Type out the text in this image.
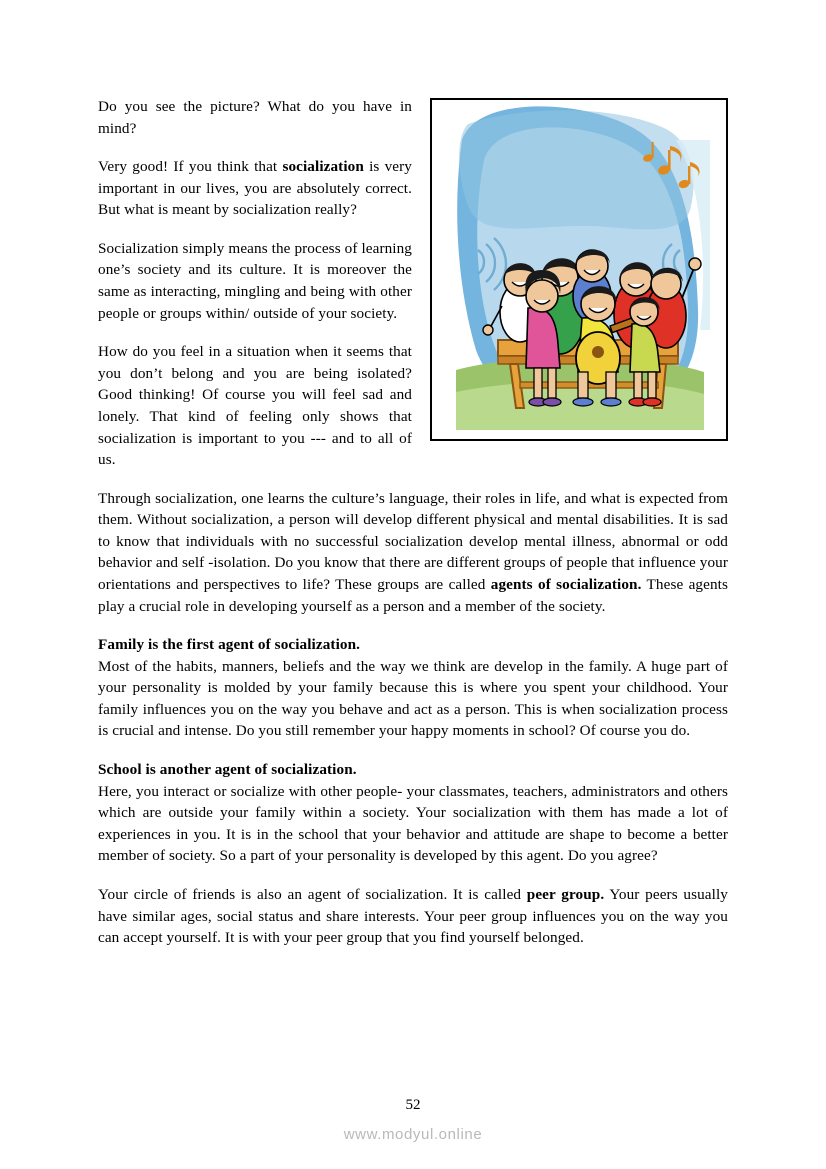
Do you see the picture? What do you have in mind?

Very good! If you think that socialization is very important in our lives, you are absolutely correct. But what is meant by socialization really?

Socialization simply means the process of learning one’s society and its culture. It is moreover the same as interacting, mingling and being with other people or groups within/ outside of your society.

How do you feel in a situation when it seems that you don’t belong and you are being isolated? Good thinking! Of course you will feel sad and lonely. That kind of feeling only shows that socialization is important to you --- and to all of us.

Through socialization, one learns the culture’s language, their roles in life, and what is expected from them. Without socialization, a person will develop different physical and mental disabilities. It is sad to know that individuals with no successful socialization develop mental illness, abnormal or odd behavior and self -isolation. Do you know that there are different groups of people that influence your orientations and perspectives to life? These groups are called agents of socialization. These agents play a crucial role in developing yourself as a person and a member of the society.

Family is the first agent of socialization.

Most of the habits, manners, beliefs and the way we think are develop in the family. A huge part of your personality is molded by your family because this is where you spent your childhood. Your family influences you on the way you behave and act as a person. This is when socialization process is crucial and intense. Do you still remember your happy moments in school? Of course you do.

School is another agent of socialization.

Here, you interact or socialize with other people- your classmates, teachers, administrators and others which are outside your family within a society. Your socialization with them has made a lot of experiences in you. It is in the school that your behavior and attitude are shape to become a better member of society. So a part of your personality is developed by this agent. Do you agree?

Your circle of friends is also an agent of socialization. It is called peer group. Your peers usually have similar ages, social status and share interests. Your peer group influences you on the way you can accept yourself. It is with your peer group that you find yourself belonged.

52
www.modyul.online
